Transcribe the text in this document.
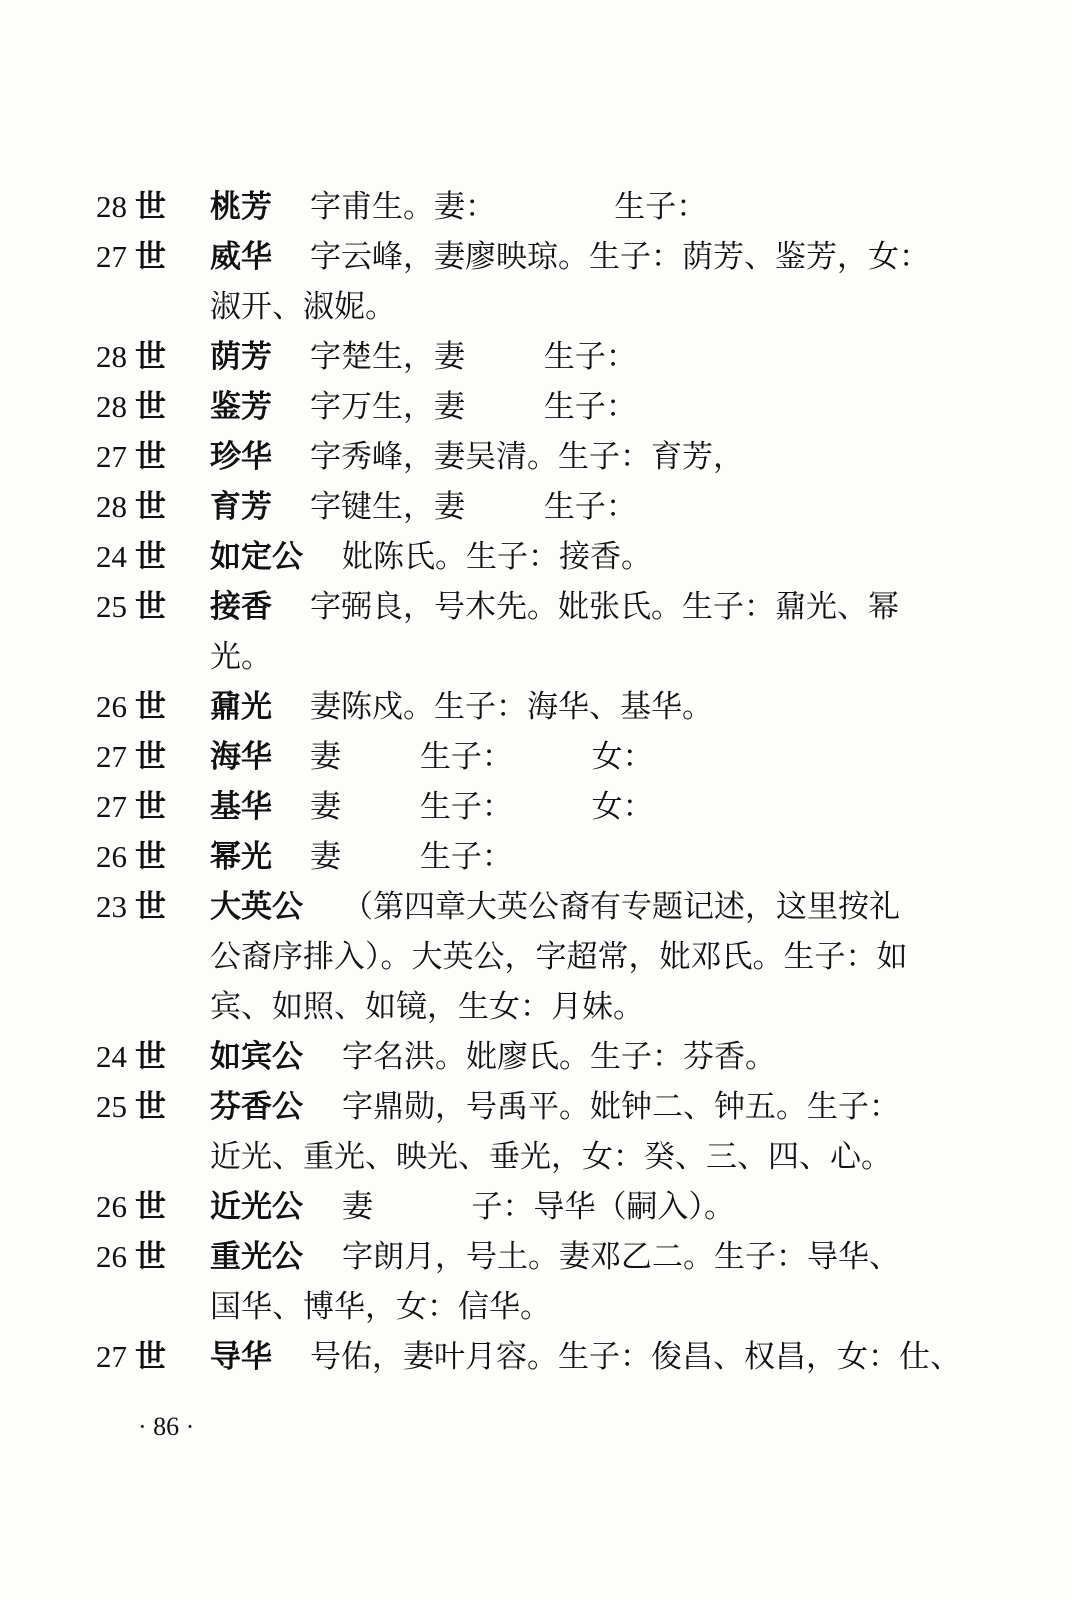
28 世	桃芳 字甫生。妻：            生子：
27 世	威华 字云峰，妻廖映琼。生子：荫芳、鉴芳，女：
淑开、淑妮。
28 世	荫芳 字楚生，妻        生子：
28 世	鉴芳 字万生，妻        生子：
27 世	珍华 字秀峰，妻吴清。生子：育芳，
28 世	育芳 字键生，妻        生子：
24 世	如定公 妣陈氏。生子：接香。
25 世	接香 字弼良，号木先。妣张氏。生子：鼐光、幂
光。
26 世	鼐光 妻陈戍。生子：海华、基华。
27 世	海华 妻        生子：        女：
27 世	基华 妻        生子：        女：
26 世	幂光 妻        生子：
23 世	大英公 （第四章大英公裔有专题记述，这里按礼
公裔序排入）。大英公，字超常，妣邓氏。生子：如
宾、如照、如镜，生女：月妹。
24 世	如宾公 字名洪。妣廖氏。生子：芬香。
25 世	芬香公 字鼎勋，号禹平。妣钟二、钟五。生子：
近光、重光、映光、垂光，女：癸、三、四、心。
26 世	近光公 妻          子：导华（嗣入）。
26 世	重光公 字朗月，号土。妻邓乙二。生子：导华、
国华、博华，女：信华。
27 世	导华 号佑，妻叶月容。生子：俊昌、权昌，女：仕、
· 86 ·
